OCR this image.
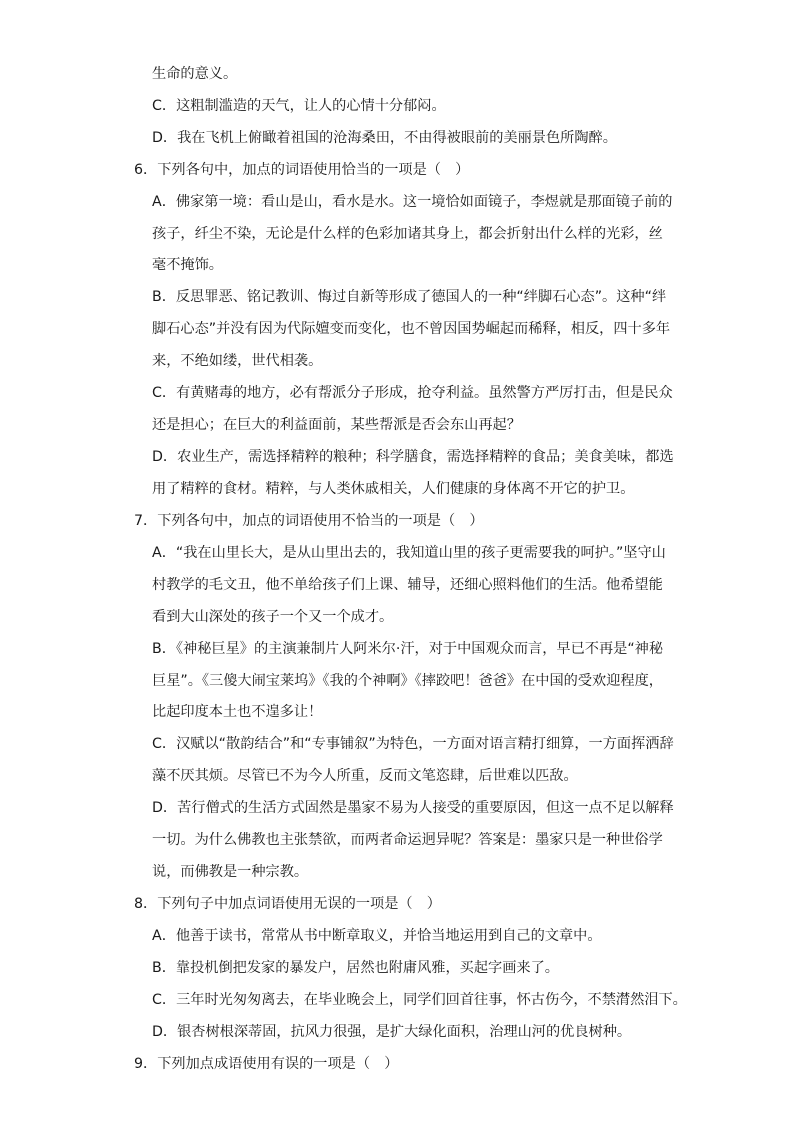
生命的意义。
C．这粗制滥造的天气，让人的心情十分郁闷。
D．我在飞机上俯瞰着祖国的沧海桑田，不由得被眼前的美丽景色所陶醉。
6．下列各句中，加点的词语使用恰当的一项是（　）
A．佛家第一境：看山是山，看水是水。这一境恰如面镜子，李煜就是那面镜子前的
孩子，纤尘不染，无论是什么样的色彩加诸其身上，都会折射出什么样的光彩，丝
毫不掩饰。
B．反思罪恶、铭记教训、悔过自新等形成了德国人的一种“绊脚石心态”。这种“绊
脚石心态”并没有因为代际嬗变而变化，也不曾因国势崛起而稀释，相反，四十多年
来，不绝如缕，世代相袭。
C．有黄赌毒的地方，必有帮派分子形成，抢夺利益。虽然警方严厉打击，但是民众
还是担心；在巨大的利益面前，某些帮派是否会东山再起？
D．农业生产，需选择精粹的粮种；科学膳食，需选择精粹的食品；美食美味，都选
用了精粹的食材。精粹，与人类休戚相关，人们健康的身体离不开它的护卫。
7．下列各句中，加点的词语使用不恰当的一项是（　）
A．“我在山里长大，是从山里出去的，我知道山里的孩子更需要我的呵护。”坚守山
村教学的毛文丑，他不单给孩子们上课、辅导，还细心照料他们的生活。他希望能
看到大山深处的孩子一个又一个成才。
B．《神秘巨星》的主演兼制片人阿米尔·汗，对于中国观众而言，早已不再是“神秘
巨星”。《三傻大闹宝莱坞》《我的个神啊》《摔跤吧！爸爸》在中国的受欢迎程度，
比起印度本土也不遑多让！
C．汉赋以“散韵结合”和“专事铺叙”为特色，一方面对语言精打细算，一方面挥洒辞
藻不厌其烦。尽管已不为今人所重，反而文笔恣肆，后世难以匹敌。
D．苦行僧式的生活方式固然是墨家不易为人接受的重要原因，但这一点不足以解释
一切。为什么佛教也主张禁欲，而两者命运迥异呢？答案是：墨家只是一种世俗学
说，而佛教是一种宗教。
8．下列句子中加点词语使用无误的一项是（　）
A．他善于读书，常常从书中断章取义，并恰当地运用到自己的文章中。
B．靠投机倒把发家的暴发户，居然也附庸风雅，买起字画来了。
C．三年时光匆匆离去，在毕业晚会上，同学们回首往事，怀古伤今，不禁潸然泪下。
D．银杏树根深蒂固，抗风力很强，是扩大绿化面积，治理山河的优良树种。
9．下列加点成语使用有误的一项是（　）
